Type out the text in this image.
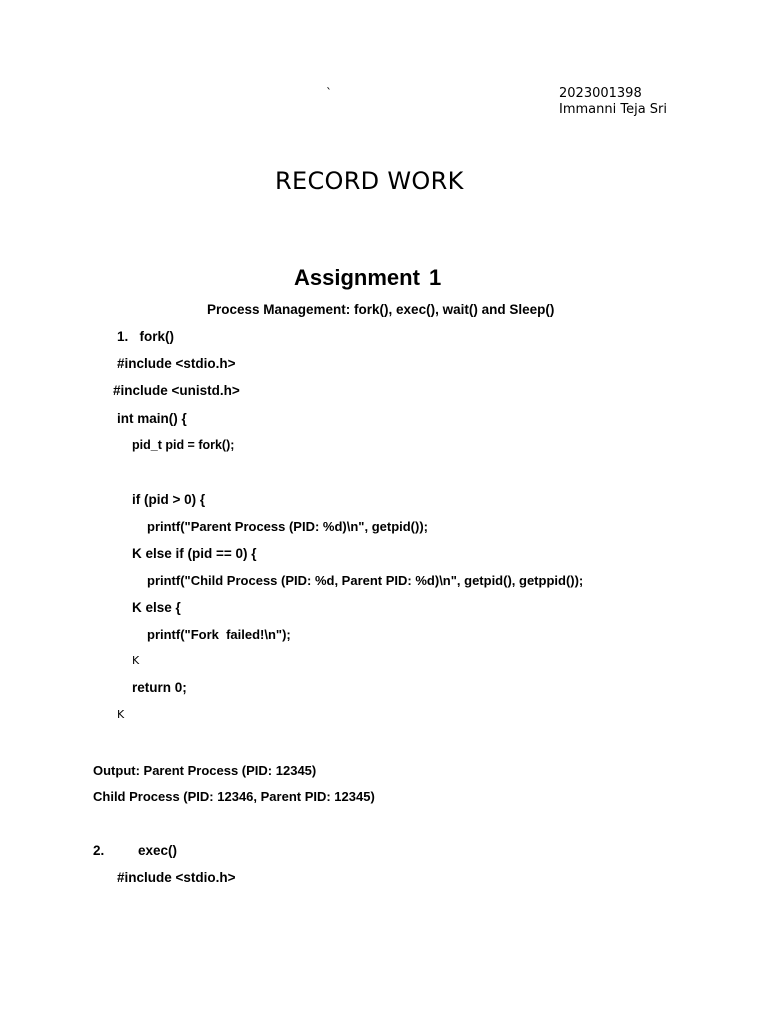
`	2023001398
Immanni Teja Sri
RECORD WORK
Assignment 1
Process Management: fork(), exec(), wait() and Sleep()
1.   fork()
#include <stdio.h>
#include <unistd.h>
int main() {
pid_t pid = fork();
if (pid > 0) {
printf("Parent Process (PID: %d)\n", getpid());
K else if (pid == 0) {
printf("Child Process (PID: %d, Parent PID: %d)\n", getpid(), getppid());
K else {
printf("Fork  failed!\n");
K
return 0;
K
Output: Parent Process (PID: 12345)
Child Process (PID: 12346, Parent PID: 12345)
2. exec()
#include <stdio.h>
